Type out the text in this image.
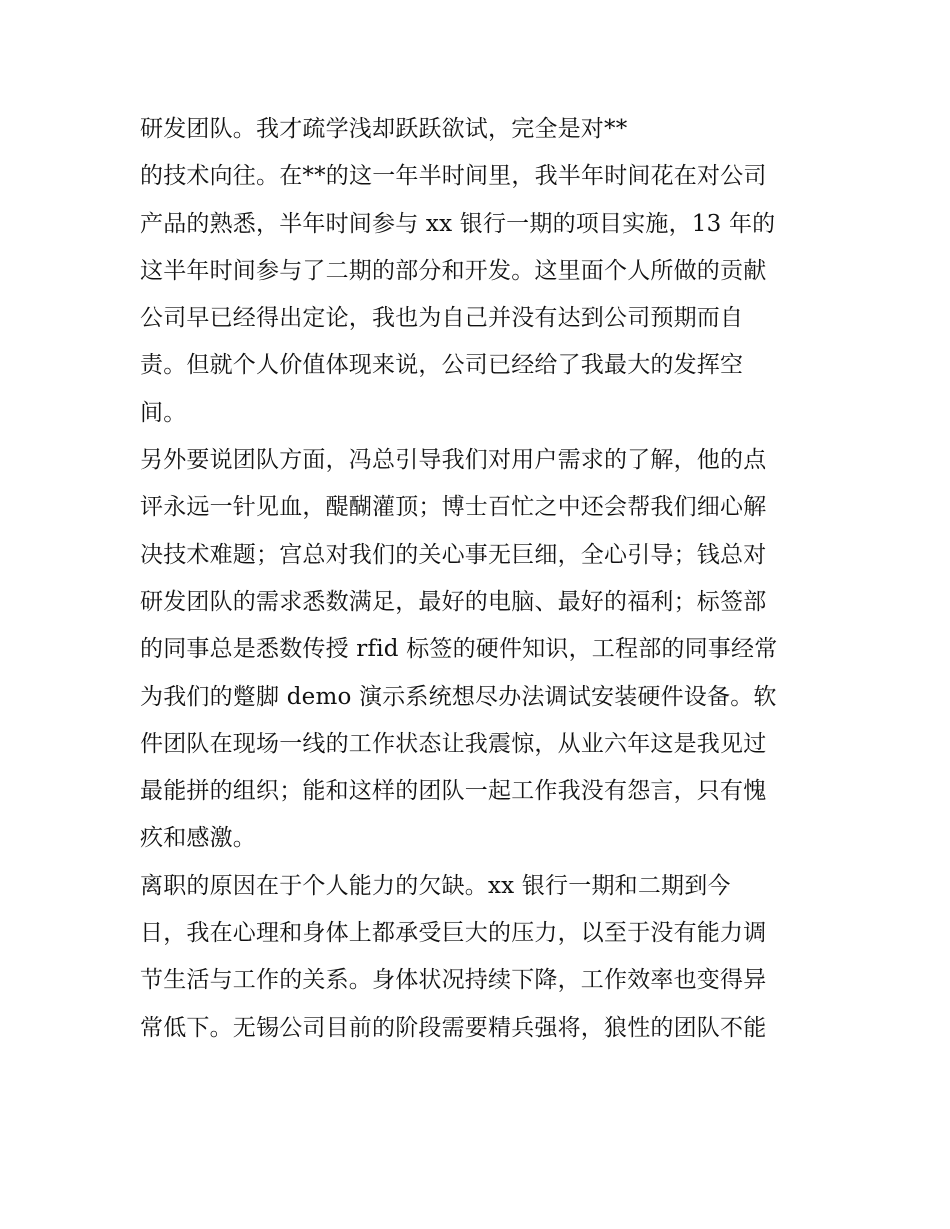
研发团队。我才疏学浅却跃跃欲试，完全是对**
的技术向往。在**的这一年半时间里，我半年时间花在对公司
产品的熟悉，半年时间参与 xx 银行一期的项目实施，13 年的
这半年时间参与了二期的部分和开发。这里面个人所做的贡献
公司早已经得出定论，我也为自己并没有达到公司预期而自
责。但就个人价值体现来说，公司已经给了我最大的发挥空
间。
另外要说团队方面，冯总引导我们对用户需求的了解，他的点
评永远一针见血，醍醐灌顶；博士百忙之中还会帮我们细心解
决技术难题；宫总对我们的关心事无巨细，全心引导；钱总对
研发团队的需求悉数满足，最好的电脑、最好的福利；标签部
的同事总是悉数传授 rfid 标签的硬件知识，工程部的同事经常
为我们的蹩脚 demo 演示系统想尽办法调试安装硬件设备。软
件团队在现场一线的工作状态让我震惊，从业六年这是我见过
最能拼的组织；能和这样的团队一起工作我没有怨言，只有愧
疚和感激。
离职的原因在于个人能力的欠缺。xx 银行一期和二期到今
日，我在心理和身体上都承受巨大的压力，以至于没有能力调
节生活与工作的关系。身体状况持续下降，工作效率也变得异
常低下。无锡公司目前的阶段需要精兵强将，狼性的团队不能
